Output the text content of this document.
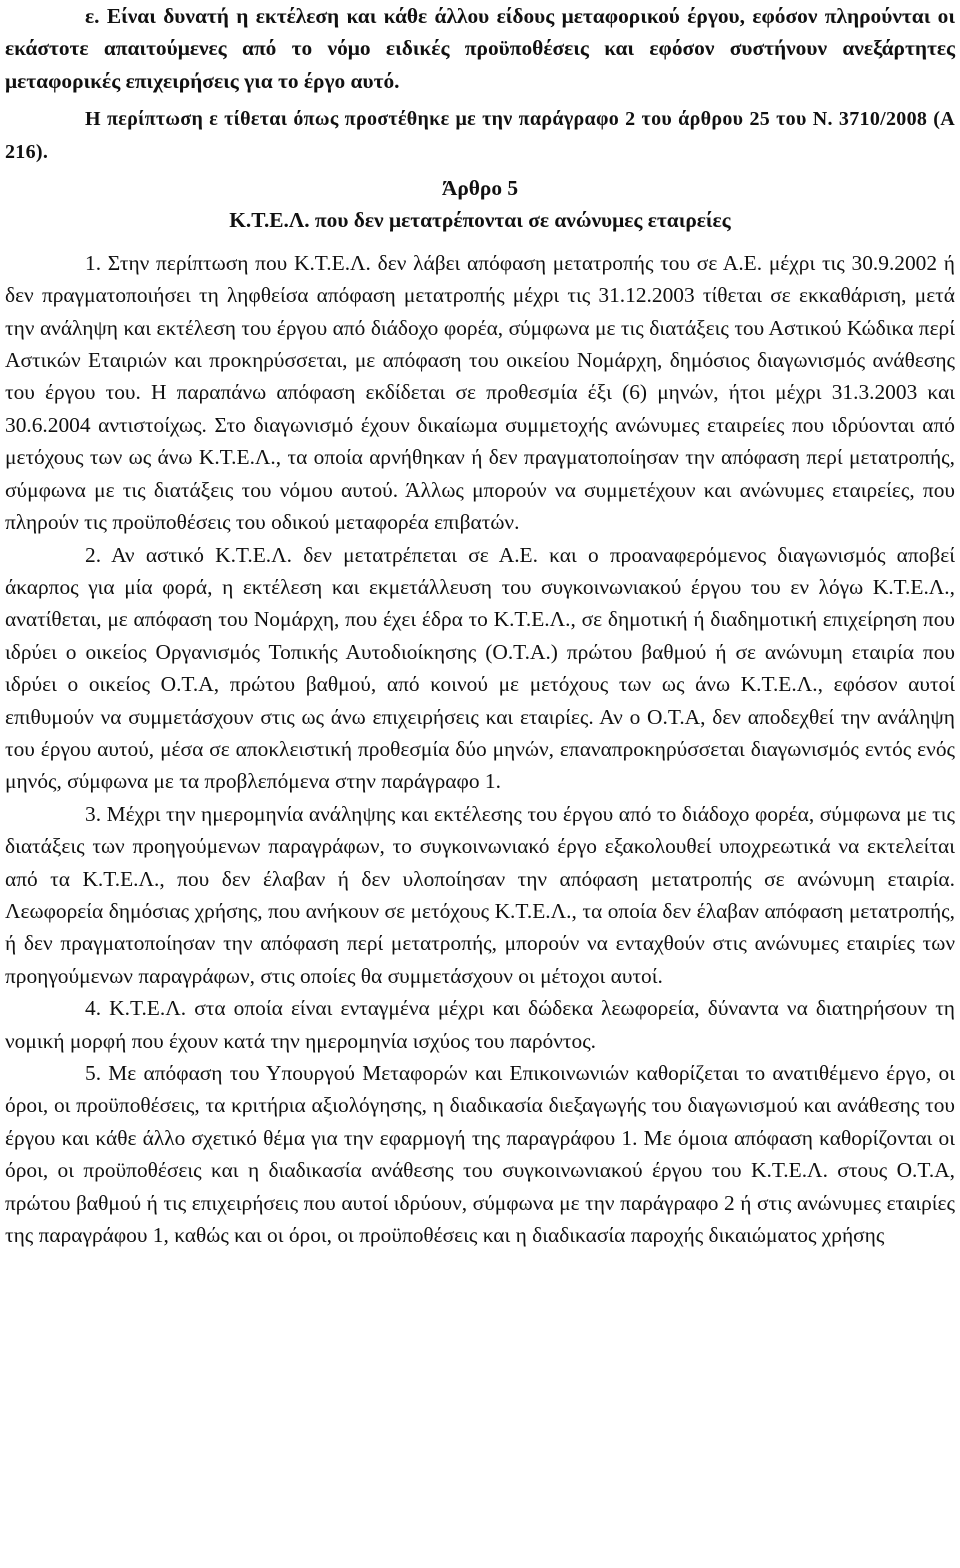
ε. Είναι δυνατή η εκτέλεση και κάθε άλλου είδους μεταφορικού έργου, εφόσον πληρούνται οι εκάστοτε απαιτούμενες από το νόμο ειδικές προϋποθέσεις και εφόσον συστήνουν ανεξάρτητες μεταφορικές επιχειρήσεις για το έργο αυτό.

Η περίπτωση ε τίθεται όπως προστέθηκε με την παράγραφο 2 του άρθρου 25 του Ν. 3710/2008 (Α 216).

Άρθρο 5

Κ.Τ.Ε.Λ. που δεν μετατρέπονται σε ανώνυμες εταιρείες

1. Στην περίπτωση που Κ.Τ.Ε.Λ. δεν λάβει απόφαση μετατροπής του σε Α.Ε. μέχρι τις 30.9.2002 ή δεν πραγματοποιήσει τη ληφθείσα απόφαση μετατροπής μέχρι τις 31.12.2003 τίθεται σε εκκαθάριση, μετά την ανάληψη και εκτέλεση του έργου από διάδοχο φορέα, σύμφωνα με τις διατάξεις του Αστικού Κώδικα περί Αστικών Εταιριών και προκηρύσσεται, με απόφαση του οικείου Νομάρχη, δημόσιος διαγωνισμός ανάθεσης του έργου του. Η παραπάνω απόφαση εκδίδεται σε προθεσμία έξι (6) μηνών, ήτοι μέχρι 31.3.2003 και 30.6.2004 αντιστοίχως. Στο διαγωνισμό έχουν δικαίωμα συμμετοχής ανώνυμες εταιρείες που ιδρύονται από μετόχους των ως άνω Κ.Τ.Ε.Λ., τα οποία αρνήθηκαν ή δεν πραγματοποίησαν την απόφαση περί μετατροπής, σύμφωνα με τις διατάξεις του νόμου αυτού. Άλλως μπορούν να συμμετέχουν και ανώνυμες εταιρείες, που πληρούν τις προϋποθέσεις του οδικού μεταφορέα επιβατών.

2. Αν αστικό Κ.Τ.Ε.Λ. δεν μετατρέπεται σε Α.Ε. και ο προαναφερόμενος διαγωνισμός αποβεί άκαρπος για μία φορά, η εκτέλεση και εκμετάλλευση του συγκοινωνιακού έργου του εν λόγω Κ.Τ.Ε.Λ., ανατίθεται, με απόφαση του Νομάρχη, που έχει έδρα το Κ.Τ.Ε.Λ., σε δημοτική ή διαδημοτική επιχείρηση που ιδρύει ο οικείος Οργανισμός Τοπικής Αυτοδιοίκησης (Ο.Τ.Α.) πρώτου βαθμού ή σε ανώνυμη εταιρία που ιδρύει ο οικείος Ο.Τ.Α, πρώτου βαθμού, από κοινού με μετόχους των ως άνω Κ.Τ.Ε.Λ., εφόσον αυτοί επιθυμούν να συμμετάσχουν στις ως άνω επιχειρήσεις και εταιρίες. Αν ο Ο.Τ.Α, δεν αποδεχθεί την ανάληψη του έργου αυτού, μέσα σε αποκλειστική προθεσμία δύο μηνών, επαναπροκηρύσσεται διαγωνισμός εντός ενός μηνός, σύμφωνα με τα προβλεπόμενα στην παράγραφο 1.

3. Μέχρι την ημερομηνία ανάληψης και εκτέλεσης του έργου από το διάδοχο φορέα, σύμφωνα με τις διατάξεις των προηγούμενων παραγράφων, το συγκοινωνιακό έργο εξακολουθεί υποχρεωτικά να εκτελείται από τα Κ.Τ.Ε.Λ., που δεν έλαβαν ή δεν υλοποίησαν την απόφαση μετατροπής σε ανώνυμη εταιρία. Λεωφορεία δημόσιας χρήσης, που ανήκουν σε μετόχους Κ.Τ.Ε.Λ., τα οποία δεν έλαβαν απόφαση μετατροπής, ή δεν πραγματοποίησαν την απόφαση περί μετατροπής, μπορούν να ενταχθούν στις ανώνυμες εταιρίες των προηγούμενων παραγράφων, στις οποίες θα συμμετάσχουν οι μέτοχοι αυτοί.

4. Κ.Τ.Ε.Λ. στα οποία είναι ενταγμένα μέχρι και δώδεκα λεωφορεία, δύναντα να διατηρήσουν τη νομική μορφή που έχουν κατά την ημερομηνία ισχύος του παρόντος.

5. Με απόφαση του Υπουργού Μεταφορών και Επικοινωνιών καθορίζεται το ανατιθέμενο έργο, οι όροι, οι προϋποθέσεις, τα κριτήρια αξιολόγησης, η διαδικασία διεξαγωγής του διαγωνισμού και ανάθεσης του έργου και κάθε άλλο σχετικό θέμα για την εφαρμογή της παραγράφου 1. Με όμοια απόφαση καθορίζονται οι όροι, οι προϋποθέσεις και η διαδικασία ανάθεσης του συγκοινωνιακού έργου του Κ.Τ.Ε.Λ. στους Ο.Τ.Α, πρώτου βαθμού ή τις επιχειρήσεις που αυτοί ιδρύουν, σύμφωνα με την παράγραφο 2 ή στις ανώνυμες εταιρίες της παραγράφου 1, καθώς και οι όροι, οι προϋποθέσεις και η διαδικασία παροχής δικαιώματος χρήσης
